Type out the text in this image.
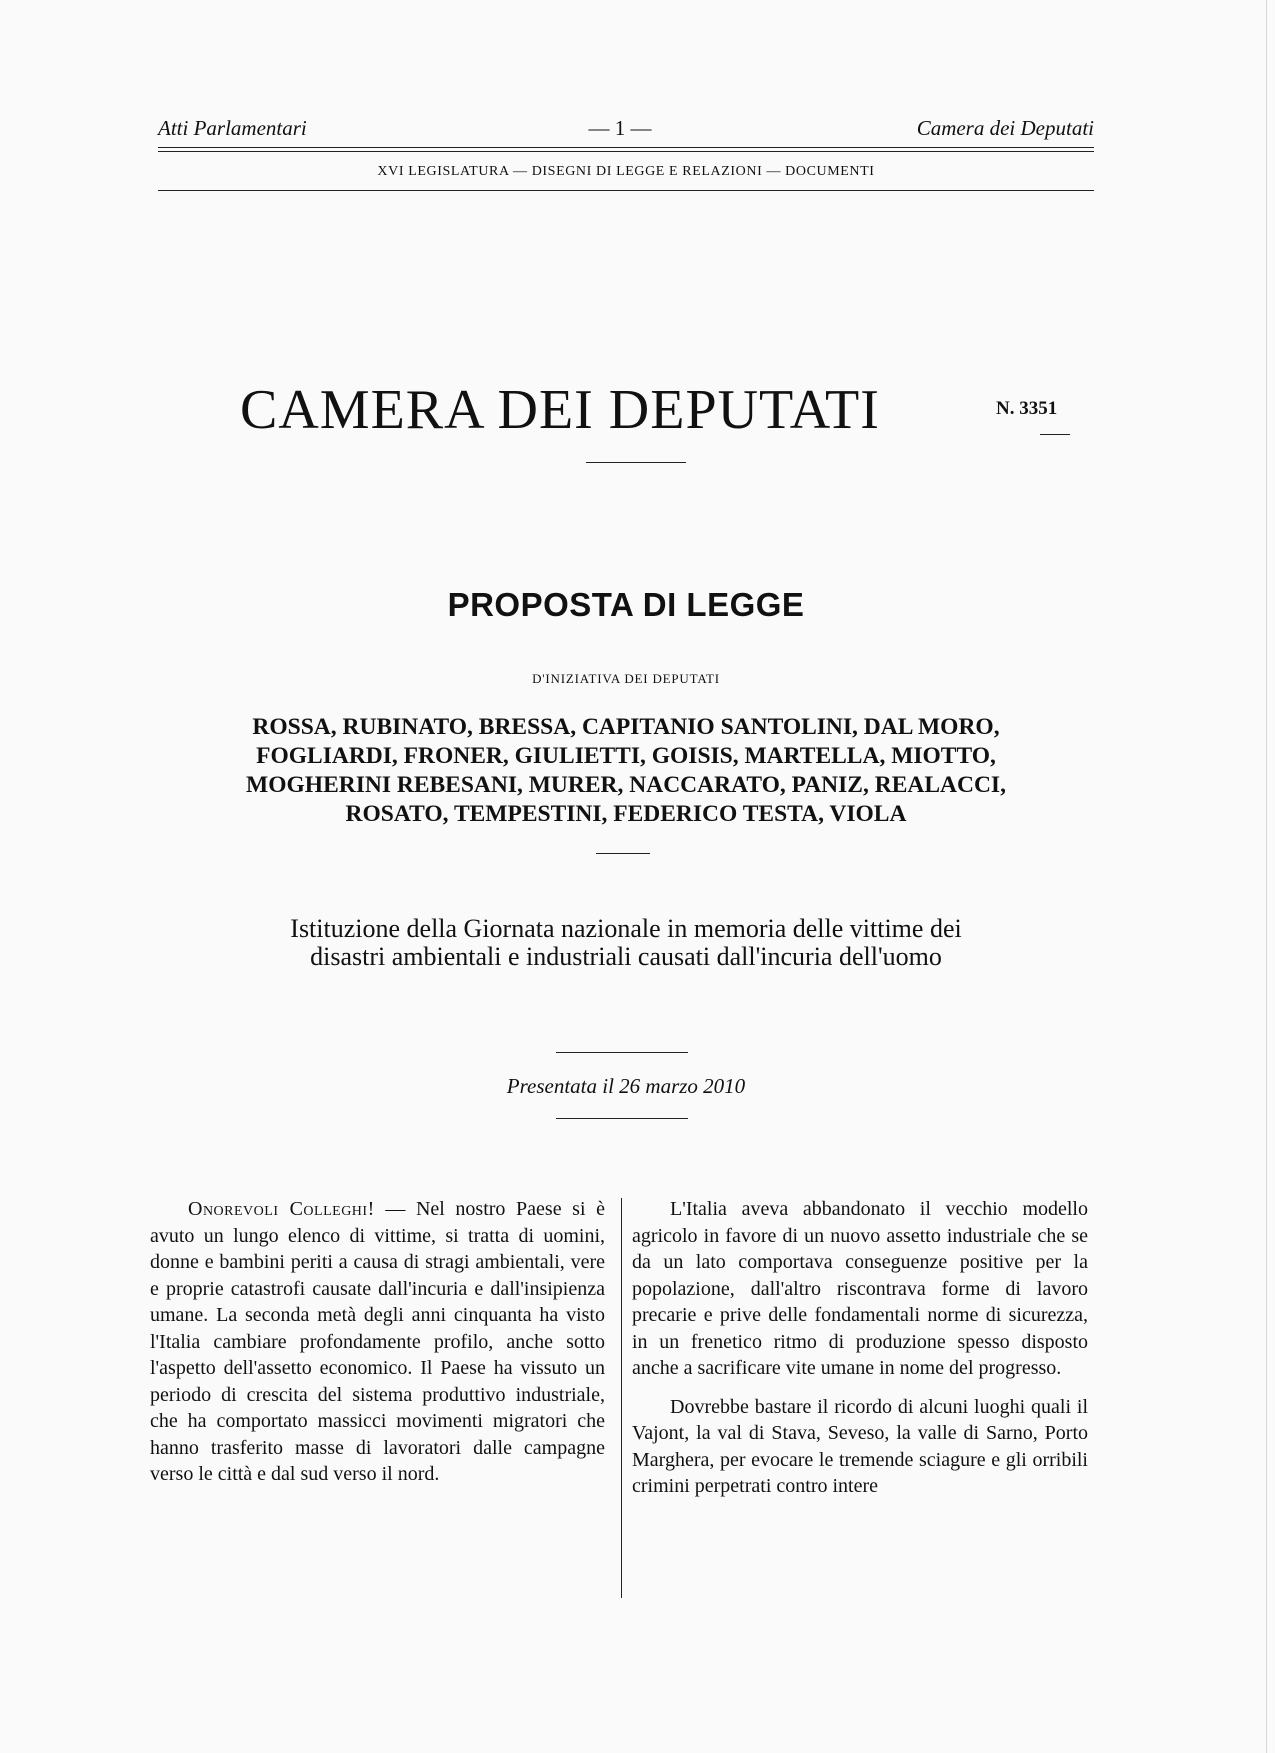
Atti Parlamentari	— 1 —	Camera dei Deputati
XVI LEGISLATURA — DISEGNI DI LEGGE E RELAZIONI — DOCUMENTI
CAMERA DEI DEPUTATI	N. 3351
PROPOSTA DI LEGGE
D'INIZIATIVA DEI DEPUTATI
ROSSA, RUBINATO, BRESSA, CAPITANIO SANTOLINI, DAL MORO,
FOGLIARDI, FRONER, GIULIETTI, GOISIS, MARTELLA, MIOTTO,
MOGHERINI REBESANI, MURER, NACCARATO, PANIZ, REALACCI,
ROSATO, TEMPESTINI, FEDERICO TESTA, VIOLA
Istituzione della Giornata nazionale in memoria delle vittime dei
disastri ambientali e industriali causati dall'incuria dell'uomo
Presentata il 26 marzo 2010

Onorevoli Colleghi! — Nel nostro Paese si è avuto un lungo elenco di vittime, si tratta di uomini, donne e bambini periti a causa di stragi ambientali, vere e proprie catastrofi causate dall'incuria e dall'insipienza umane. La seconda metà degli anni cinquanta ha visto l'Italia cambiare profondamente profilo, anche sotto l'aspetto dell'assetto economico. Il Paese ha vissuto un periodo di crescita del sistema produttivo industriale, che ha comportato massicci movimenti migratori che hanno trasferito masse di lavoratori dalle campagne verso le città e dal sud verso il nord.

L'Italia aveva abbandonato il vecchio modello agricolo in favore di un nuovo assetto industriale che se da un lato comportava conseguenze positive per la popolazione, dall'altro riscontrava forme di lavoro precarie e prive delle fondamentali norme di sicurezza, in un frenetico ritmo di produzione spesso disposto anche a sacrificare vite umane in nome del progresso.

Dovrebbe bastare il ricordo di alcuni luoghi quali il Vajont, la val di Stava, Seveso, la valle di Sarno, Porto Marghera, per evocare le tremende sciagure e gli orribili crimini perpetrati contro intere
